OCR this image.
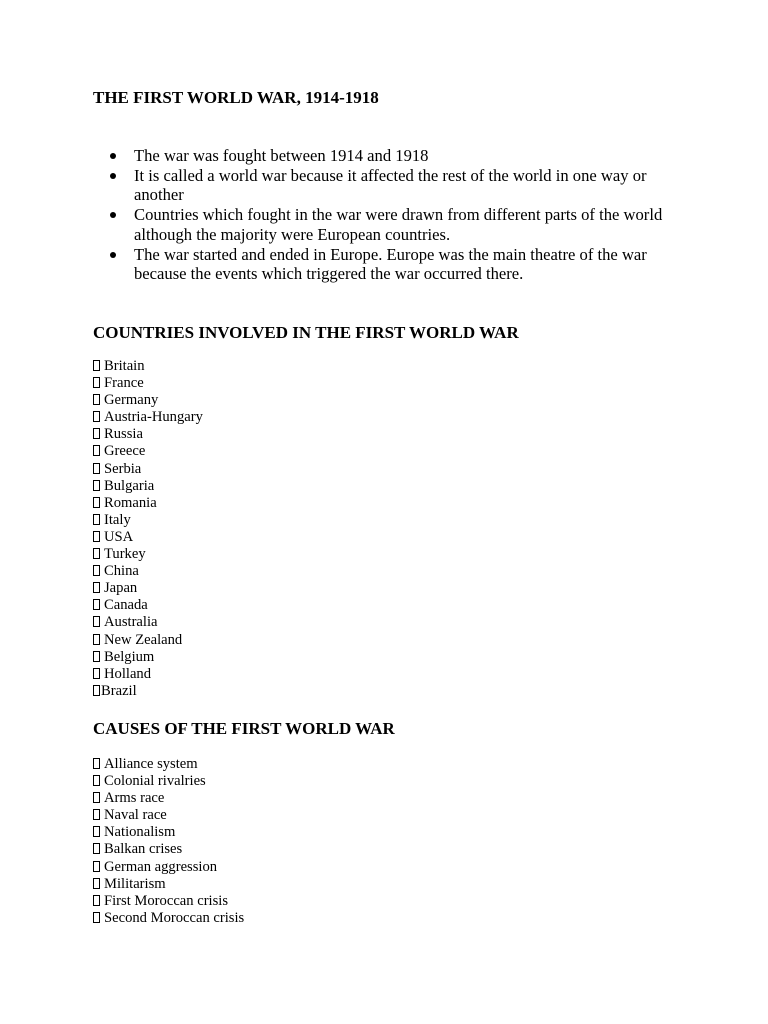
THE FIRST WORLD WAR, 1914-1918
The war was fought between 1914 and 1918
It is called a world war because it affected the rest of the world in one way or another
Countries which fought in the war were drawn from different parts of the world although the majority were European countries.
The war started and ended in Europe. Europe was the main theatre of the war because the events which triggered the war occurred there.
COUNTRIES INVOLVED IN THE FIRST WORLD WAR
Britain
France
Germany
Austria-Hungary
Russia
Greece
Serbia
Bulgaria
Romania
Italy
USA
Turkey
China
Japan
Canada
Australia
New Zealand
Belgium
Holland
Brazil
CAUSES OF THE FIRST WORLD WAR
Alliance system
Colonial rivalries
Arms race
Naval race
Nationalism
Balkan crises
German aggression
Militarism
First Moroccan crisis
Second Moroccan crisis
